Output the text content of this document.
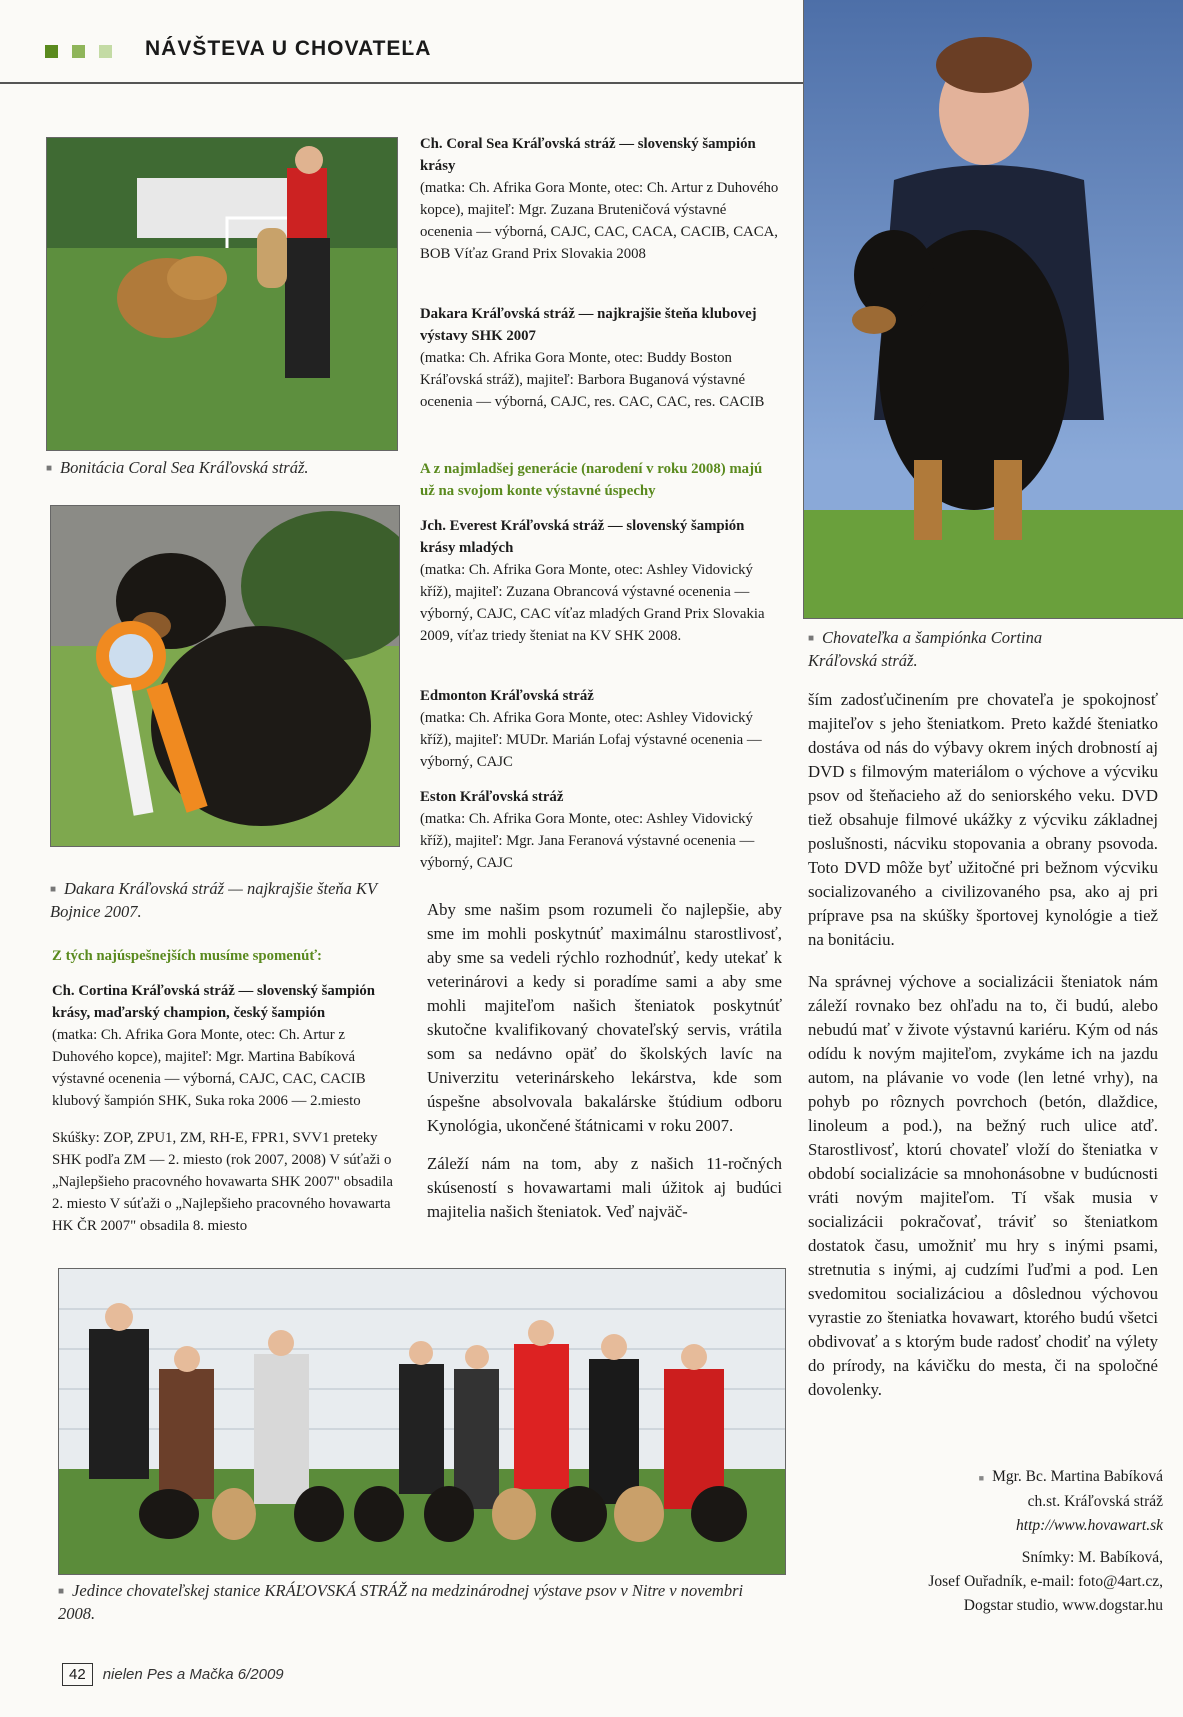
NÁVŠTEVA U CHOVATEĽA
■ Bonitácia Coral Sea Kráľovská stráž.
■ Dakara Kráľovská stráž — najkrajšie šteňa KV Bojnice 2007.
Z tých najúspešnejších musíme spomenúť:
Ch. Cortina Kráľovská stráž — slovenský šampión krásy, maďarský champion, český šampión

(matka: Ch. Afrika Gora Monte, otec: Ch. Artur z Duhového kopce), majiteľ: Mgr. Martina Babíková výstavné ocenenia — výborná, CAJC, CAC, CACIB klubový šampión SHK, Suka roka 2006 — 2.miesto

Skúšky: ZOP, ZPU1, ZM, RH-E, FPR1, SVV1 preteky SHK podľa ZM — 2. miesto (rok 2007, 2008) V súťaži o „Najlepšieho pracovného hovawarta SHK 2007" obsadila 2. miesto V súťaži o „Najlepšieho pracovného hovawarta HK ČR 2007" obsadila 8. miesto

Ch. Coral Sea Kráľovská stráž — slovenský šampión krásy

(matka: Ch. Afrika Gora Monte, otec: Ch. Artur z Duhového kopce), majiteľ: Mgr. Zuzana Bruteničová výstavné ocenenia — výborná, CAJC, CAC, CACA, CACIB, CACA, BOB Víťaz Grand Prix Slovakia 2008

Dakara Kráľovská stráž — najkrajšie šteňa klubovej výstavy SHK 2007

(matka: Ch. Afrika Gora Monte, otec: Buddy Boston Kráľovská stráž), majiteľ: Barbora Buganová výstavné ocenenia — výborná, CAJC, res. CAC, CAC, res. CACIB

A z najmladšej generácie (narodení v roku 2008) majú už na svojom konte výstavné úspechy
Jch. Everest Kráľovská stráž — slovenský šampión krásy mladých

(matka: Ch. Afrika Gora Monte, otec: Ashley Vidovický kříž), majiteľ: Zuzana Obrancová výstavné ocenenia — výborný, CAJC, CAC víťaz mladých Grand Prix Slovakia 2009, víťaz triedy šteniat na KV SHK 2008.

Edmonton Kráľovská stráž

(matka: Ch. Afrika Gora Monte, otec: Ashley Vidovický kříž), majiteľ: MUDr. Marián Lofaj výstavné ocenenia — výborný, CAJC

Eston Kráľovská stráž

(matka: Ch. Afrika Gora Monte, otec: Ashley Vidovický kříž), majiteľ: Mgr. Jana Feranová výstavné ocenenia — výborný, CAJC

Aby sme našim psom rozumeli čo najlepšie, aby sme im mohli poskytnúť maximálnu starostlivosť, aby sme sa vedeli rýchlo rozhodnúť, kedy utekať k veterinárovi a kedy si poradíme sami a aby sme mohli majiteľom našich šteniatok poskytnúť skutočne kvalifikovaný chovateľský servis, vrátila som sa nedávno opäť do školských lavíc na Univerzitu veterinárskeho lekárstva, kde som úspešne absolvovala bakalárske štúdium odboru Kynológia, ukončené štátnicami v roku 2007.

Záleží nám na tom, aby z našich 11-ročných skúseností s hovawartami mali úžitok aj budúci majitelia našich šteniatok. Veď najväč-

■ Chovateľka a šampiónka Cortina Kráľovská stráž.

ším zadosťučinením pre chovateľa je spokojnosť majiteľov s jeho šteniatkom. Preto každé šteniatko dostáva od nás do výbavy okrem iných drobností aj DVD s filmovým materiálom o výchove a výcviku psov od šteňacieho až do seniorského veku. DVD tiež obsahuje filmové ukážky z výcviku základnej poslušnosti, nácviku stopovania a obrany psovoda. Toto DVD môže byť užitočné pri bežnom výcviku socializovaného a civilizovaného psa, ako aj pri príprave psa na skúšky športovej kynológie a tiež na bonitáciu.

Na správnej výchove a socializácii šteniatok nám záleží rovnako bez ohľadu na to, či budú, alebo nebudú mať v živote výstavnú kariéru. Kým od nás odídu k novým majiteľom, zvykáme ich na jazdu autom, na plávanie vo vode (len letné vrhy), na pohyb po rôznych povrchoch (betón, dlaždice, linoleum a pod.), na bežný ruch ulice atď. Starostlivosť, ktorú chovateľ vloží do šteniatka v období socializácie sa mnohonásobne v budúcnosti vráti novým majiteľom. Tí však musia v socializácii pokračovať, tráviť so šteniatkom dostatok času, umožniť mu hry s inými psami, stretnutia s inými, aj cudzími ľuďmi a pod. Len svedomitou socializáciou a dôslednou výchovou vyrastie zo šteniatka hovawart, ktorého budú všetci obdivovať a s ktorým bude radosť chodiť na výlety do prírody, na kávičku do mesta, či na spoločné dovolenky.

■ Mgr. Bc. Martina Babíková
ch.st. Kráľovská stráž
http://www.hovawart.sk
Snímky: M. Babíková,
Josef Ouřadník, e-mail: foto@4art.cz,
Dogstar studio, www.dogstar.hu
■ Jedince chovateľskej stanice KRÁĽOVSKÁ STRÁŽ na medzinárodnej výstave psov v Nitre v novembri 2008.
42 nielen Pes a Mačka 6/2009
